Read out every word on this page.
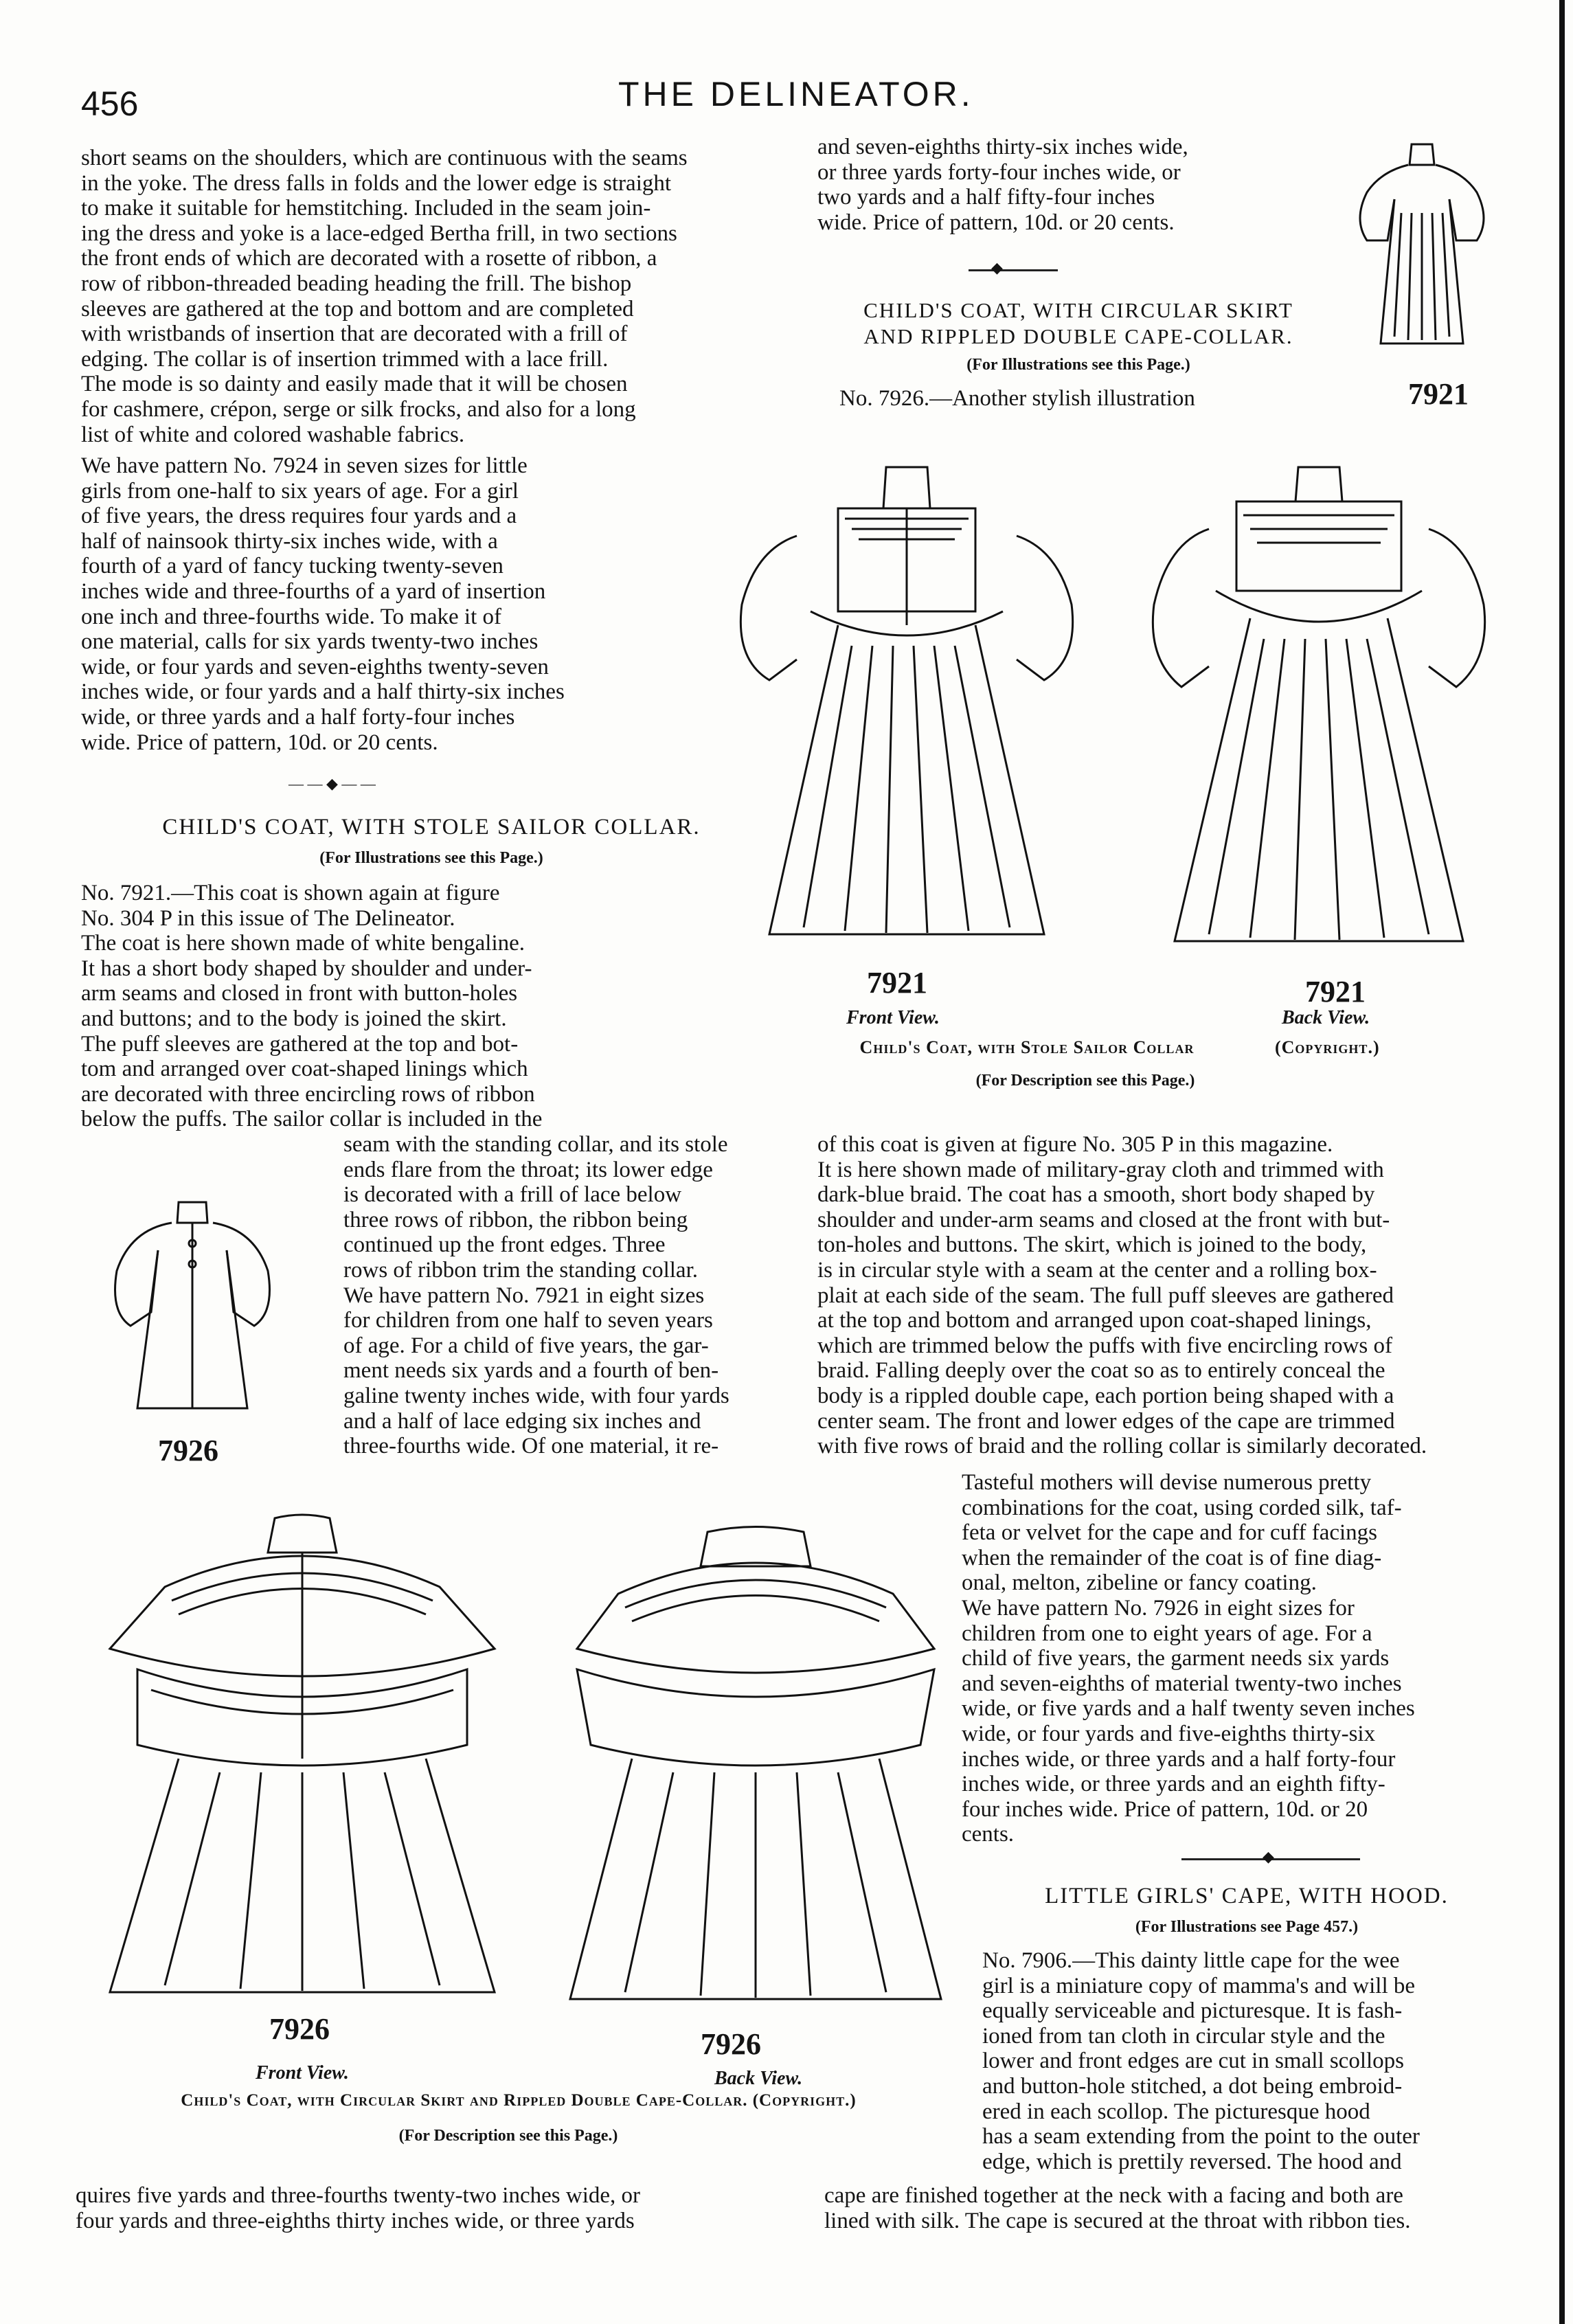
456	THE DELINEATOR.
short seams on the shoulders, which are continuous with the seams
in the yoke. The dress falls in folds and the lower edge is straight
to make it suitable for hemstitching. Included in the seam join-
ing the dress and yoke is a lace-edged Bertha frill, in two sections
the front ends of which are decorated with a rosette of ribbon, a
row of ribbon-threaded beading heading the frill. The bishop
sleeves are gathered at the top and bottom and are completed
with wristbands of insertion that are decorated with a frill of
edging. The collar is of insertion trimmed with a lace frill.
The mode is so dainty and easily made that it will be chosen
for cashmere, crépon, serge or silk frocks, and also for a long
list of white and colored washable fabrics.
We have pattern No. 7924 in seven sizes for little
girls from one-half to six years of age. For a girl
of five years, the dress requires four yards and a
half of nainsook thirty-six inches wide, with a
fourth of a yard of fancy tucking twenty-seven
inches wide and three-fourths of a yard of insertion
one inch and three-fourths wide. To make it of
one material, calls for six yards twenty-two inches
wide, or four yards and seven-eighths twenty-seven
inches wide, or four yards and a half thirty-six inches
wide, or three yards and a half forty-four inches
wide. Price of pattern, 10d. or 20 cents.
— — ◆ — —
CHILD'S COAT, WITH STOLE SAILOR COLLAR.
(For Illustrations see this Page.)
No. 7921.—This coat is shown again at figure
No. 304 P in this issue of The Delineator.
The coat is here shown made of white bengaline.
It has a short body shaped by shoulder and under-
arm seams and closed in front with button-holes
and buttons; and to the body is joined the skirt.
The puff sleeves are gathered at the top and bot-
tom and arranged over coat-shaped linings which
are decorated with three encircling rows of ribbon
below the puffs. The sailor collar is included in the
seam with the standing collar, and its stole
ends flare from the throat; its lower edge
is decorated with a frill of lace below
three rows of ribbon, the ribbon being
continued up the front edges. Three
rows of ribbon trim the standing collar.
We have pattern No. 7921 in eight sizes
for children from one half to seven years
of age. For a child of five years, the gar-
ment needs six yards and a fourth of ben-
galine twenty inches wide, with four yards
and a half of lace edging six inches and
three-fourths wide. Of one material, it re-
and seven-eighths thirty-six inches wide,
or three yards forty-four inches wide, or
two yards and a half fifty-four inches
wide. Price of pattern, 10d. or 20 cents.
◆
CHILD'S COAT, WITH CIRCULAR SKIRT
AND RIPPLED DOUBLE CAPE-COLLAR.
(For Illustrations see this Page.)
No. 7926.—Another stylish illustration	7921
7921	7921
Front View.	Back View.
Child's Coat, with Stole Sailor Collar	(Copyright.)
(For Description see this Page.)
of this coat is given at figure No. 305 P in this magazine.
It is here shown made of military-gray cloth and trimmed with
dark-blue braid. The coat has a smooth, short body shaped by
shoulder and under-arm seams and closed at the front with but-
ton-holes and buttons. The skirt, which is joined to the body,
is in circular style with a seam at the center and a rolling box-
plait at each side of the seam. The full puff sleeves are gathered
at the top and bottom and arranged upon coat-shaped linings,
which are trimmed below the puffs with five encircling rows of
braid. Falling deeply over the coat so as to entirely conceal the
body is a rippled double cape, each portion being shaped with a
center seam. The front and lower edges of the cape are trimmed
with five rows of braid and the rolling collar is similarly decorated.
Tasteful mothers will devise numerous pretty
combinations for the coat, using corded silk, taf-
feta or velvet for the cape and for cuff facings
when the remainder of the coat is of fine diag-
onal, melton, zibeline or fancy coating.
We have pattern No. 7926 in eight sizes for
children from one to eight years of age. For a
child of five years, the garment needs six yards
and seven-eighths of material twenty-two inches
wide, or five yards and a half twenty seven inches
wide, or four yards and five-eighths thirty-six
inches wide, or three yards and a half forty-four
inches wide, or three yards and an eighth fifty-
four inches wide. Price of pattern, 10d. or 20
cents.
7926
7926	7926
Front View.	Back View.
Child's Coat, with Circular Skirt and Rippled Double Cape-Collar. (Copyright.)
(For Description see this Page.)
◆
LITTLE GIRLS' CAPE, WITH HOOD.
(For Illustrations see Page 457.)
No. 7906.—This dainty little cape for the wee
girl is a miniature copy of mamma's and will be
equally serviceable and picturesque. It is fash-
ioned from tan cloth in circular style and the
lower and front edges are cut in small scollops
and button-hole stitched, a dot being embroid-
ered in each scollop. The picturesque hood
has a seam extending from the point to the outer
edge, which is prettily reversed. The hood and
quires five yards and three-fourths twenty-two inches wide, or
four yards and three-eighths thirty inches wide, or three yards
cape are finished together at the neck with a facing and both are
lined with silk. The cape is secured at the throat with ribbon ties.
